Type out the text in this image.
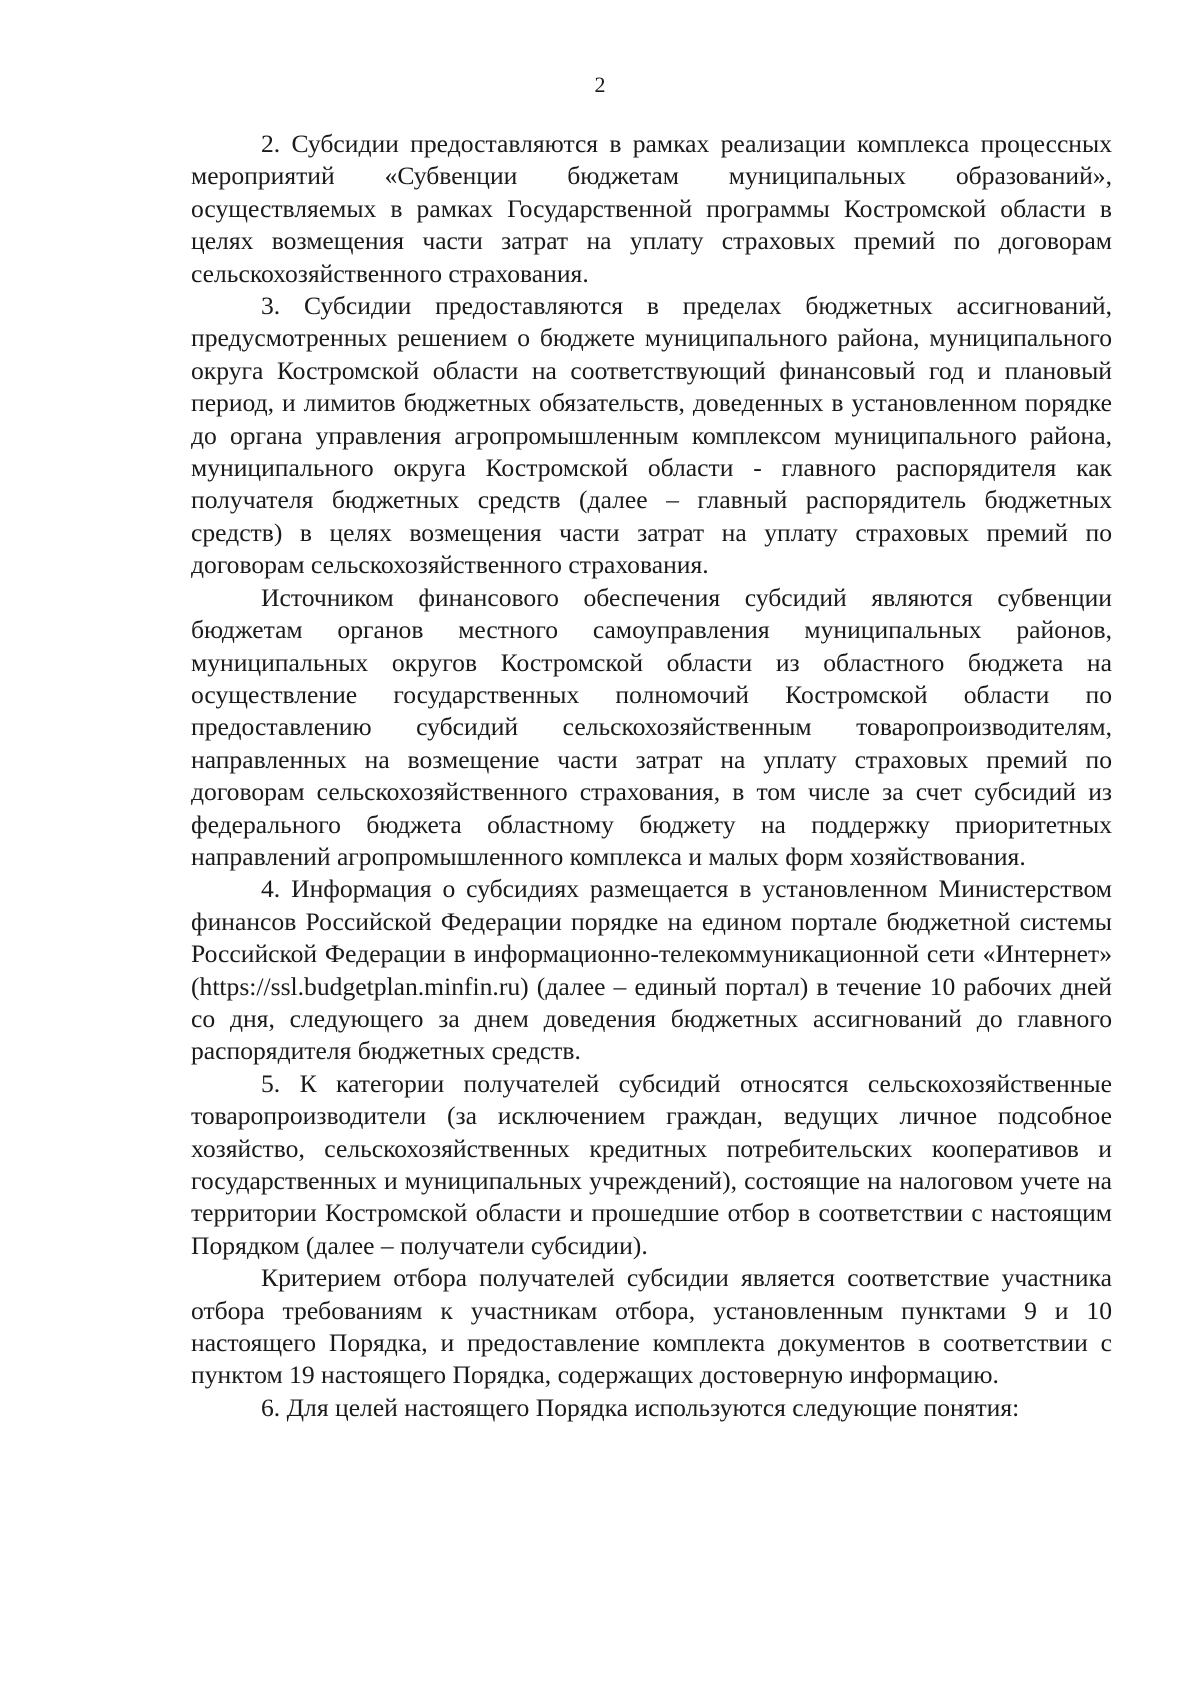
2

2. Субсидии предоставляются в рамках реализации комплекса процессных мероприятий «Субвенции бюджетам муниципальных образований», осуществляемых в рамках Государственной программы Костромской области в целях возмещения части затрат на уплату страховых премий по договорам сельскохозяйственного страхования.

3. Субсидии предоставляются в пределах бюджетных ассигнований, предусмотренных решением о бюджете муниципального района, муниципального округа Костромской области на соответствующий финансовый год и плановый период, и лимитов бюджетных обязательств, доведенных в установленном порядке до органа управления агропромышленным комплексом муниципального района, муниципального округа Костромской области - главного распорядителя как получателя бюджетных средств (далее – главный распорядитель бюджетных средств) в целях возмещения части затрат на уплату страховых премий по договорам сельскохозяйственного страхования.

Источником финансового обеспечения субсидий являются субвенции бюджетам органов местного самоуправления муниципальных районов, муниципальных округов Костромской области из областного бюджета на осуществление государственных полномочий Костромской области по предоставлению субсидий сельскохозяйственным товаропроизводителям, направленных на возмещение части затрат на уплату страховых премий по договорам сельскохозяйственного страхования, в том числе за счет субсидий из федерального бюджета областному бюджету на поддержку приоритетных направлений агропромышленного комплекса и малых форм хозяйствования.

4. Информация о субсидиях размещается в установленном Министерством финансов Российской Федерации порядке на едином портале бюджетной системы Российской Федерации в информационно-телекоммуникационной сети «Интернет» (https://ssl.budgetplan.minfin.ru) (далее – единый портал) в течение 10 рабочих дней со дня, следующего за днем доведения бюджетных ассигнований до главного распорядителя бюджетных средств.

5. К категории получателей субсидий относятся сельскохозяйственные товаропроизводители (за исключением граждан, ведущих личное подсобное хозяйство, сельскохозяйственных кредитных потребительских кооперативов и государственных и муниципальных учреждений), состоящие на налоговом учете на территории Костромской области и прошедшие отбор в соответствии с настоящим Порядком (далее – получатели субсидии).

Критерием отбора получателей субсидии является соответствие участника отбора требованиям к участникам отбора, установленным пунктами 9 и 10 настоящего Порядка, и предоставление комплекта документов в соответствии с пунктом 19 настоящего Порядка, содержащих достоверную информацию.

6. Для целей настоящего Порядка используются следующие понятия:
